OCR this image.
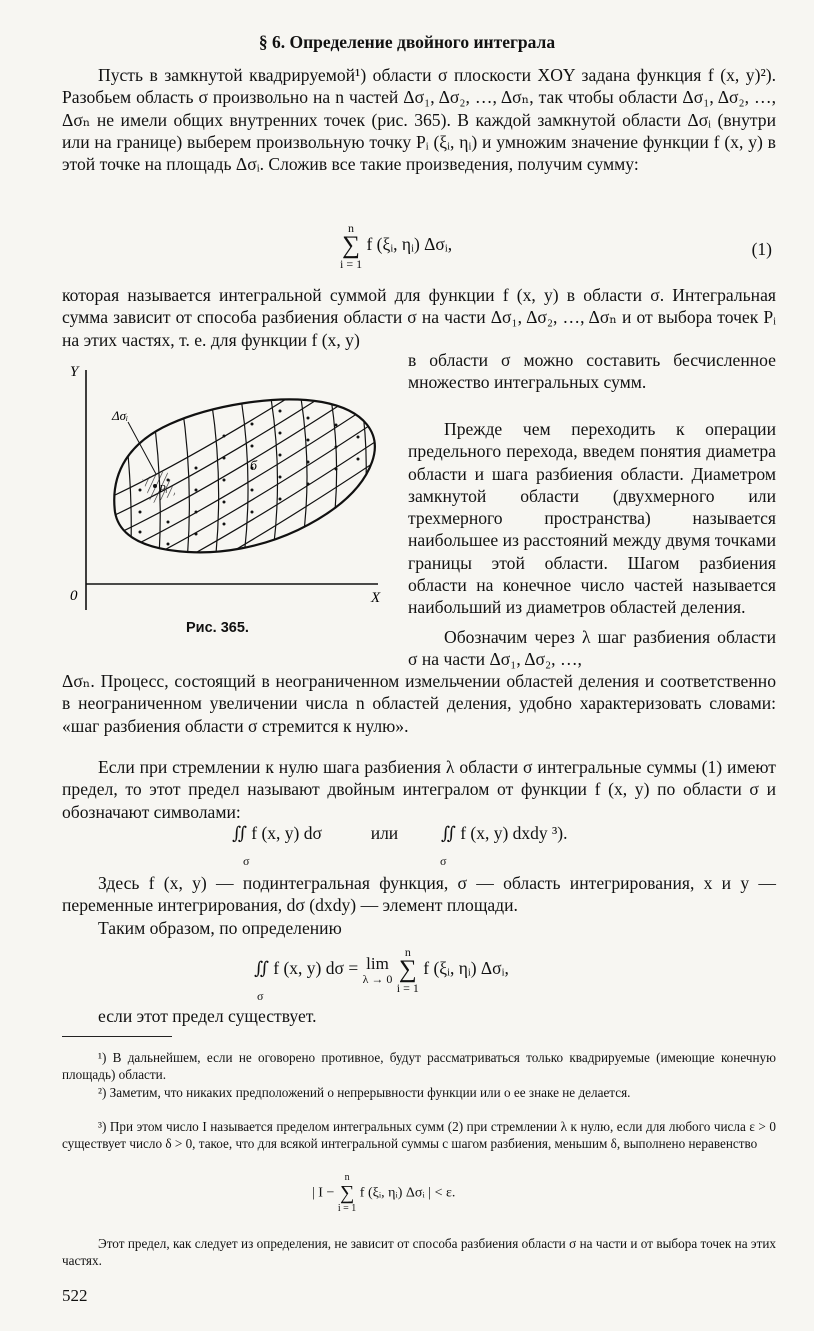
§ 6. Определение двойного интеграла

Пусть в замкнутой квадрируемой¹) области σ плоскости XOY задана функция f (x, y)²). Разобьем область σ произвольно на n частей Δσ₁, Δσ₂, …, Δσₙ, так чтобы области Δσ₁, Δσ₂, …, Δσₙ не имели общих внутренних точек (рис. 365). В каждой замкнутой области Δσᵢ (внутри или на границе) выберем произвольную точку Pᵢ (ξᵢ, ηᵢ) и умножим значение функции f (x, y) в этой точке на площадь Δσᵢ. Сложив все такие произведения, получим сумму:

n
∑
i = 1 f (ξᵢ, ηᵢ) Δσᵢ,	(1)

которая называется интегральной суммой для функции f (x, y) в области σ. Интегральная сумма зависит от способа разбиения области σ на части Δσ₁, Δσ₂, …, Δσₙ и от выбора точек Pᵢ на этих частях, т. е. для функции f (x, y)

в области σ можно составить бесчисленное множество интегральных сумм.

Прежде чем переходить к операции предельного перехода, введем понятия диаметра области и шага разбиения области. Диаметром замкнутой области (двухмерного или трехмерного пространства) называется наибольшее из расстояний между двумя точками границы этой области. Шагом разбиения области на конечное число частей называется наибольший из диаметров областей деления.

Обозначим через λ шаг разбиения области σ на части Δσ₁, Δσ₂, …,

Δσₙ. Процесс, состоящий в неограниченном измельчении областей деления и соответственно в неограниченном увеличении числа n областей деления, удобно характеризовать словами: «шаг разбиения области σ стремится к нулю».

Если при стремлении к нулю шага разбиения λ области σ интегральные суммы (1) имеют предел, то этот предел называют двойным интегралом от функции f (x, y) по области σ и обозначают символами:

∬ f (x, y) dσ	или ∬ f (x, y) dxdy ³).
σ	σ

Здесь f (x, y) — подинтегральная функция, σ — область интегрирования, x и y — переменные интегрирования, dσ (dxdy) — элемент площади.

Таким образом, по определению

∬ f (x, y) dσ = lim
λ → 0 n
∑
i = 1 f (ξᵢ, ηᵢ) Δσᵢ,
σ

если этот предел существует.

¹) В дальнейшем, если не оговорено противное, будут рассматриваться только квадрируемые (имеющие конечную площадь) области.

²) Заметим, что никаких предположений о непрерывности функции или о ее знаке не делается.

³) При этом число I называется пределом интегральных сумм (2) при стремлении λ к нулю, если для любого числа ε > 0 существует число δ > 0, такое, что для всякой интегральной суммы с шагом разбиения, меньшим δ, выполнено неравенство

| I − n
∑
i = 1 f (ξᵢ, ηᵢ) Δσᵢ | < ε.

Этот предел, как следует из определения, не зависит от способа разбиения области σ на части и от выбора точек на этих частях.

Y
X
0
Δσᵢ
Pᵢ
б
Рис. 365.
522
